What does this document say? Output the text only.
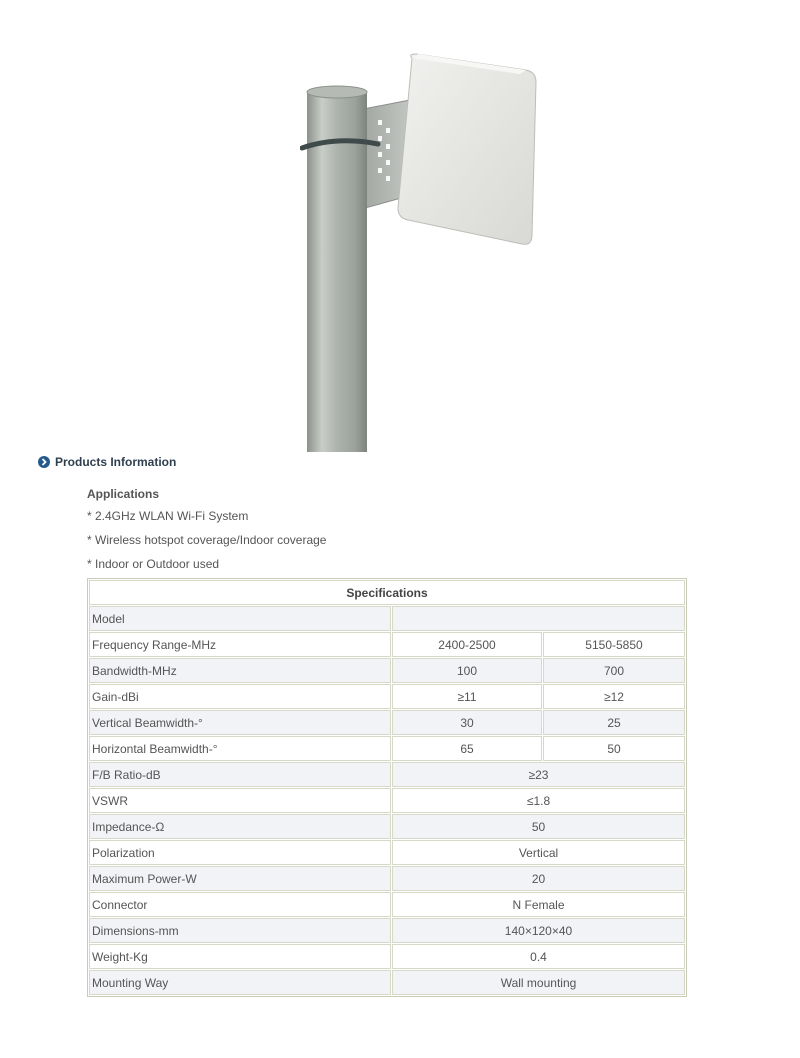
Products Information
Applications
* 2.4GHz WLAN Wi-Fi System
* Wireless hotspot coverage/Indoor coverage
* Indoor or Outdoor used
Specifications		
Model		
Frequency Range-MHz	2400-2500	5150-5850
Bandwidth-MHz	100	700
Gain-dBi	≥11	≥12
Vertical Beamwidth-°	30	25
Horizontal Beamwidth-°	65	50
F/B Ratio-dB	≥23	
VSWR	≤1.8	
Impedance-Ω	50	
Polarization	Vertical	
Maximum Power-W	20	
Connector	N Female	
Dimensions-mm	140×120×40	
Weight-Kg	0.4	
Mounting Way	Wall mounting	
